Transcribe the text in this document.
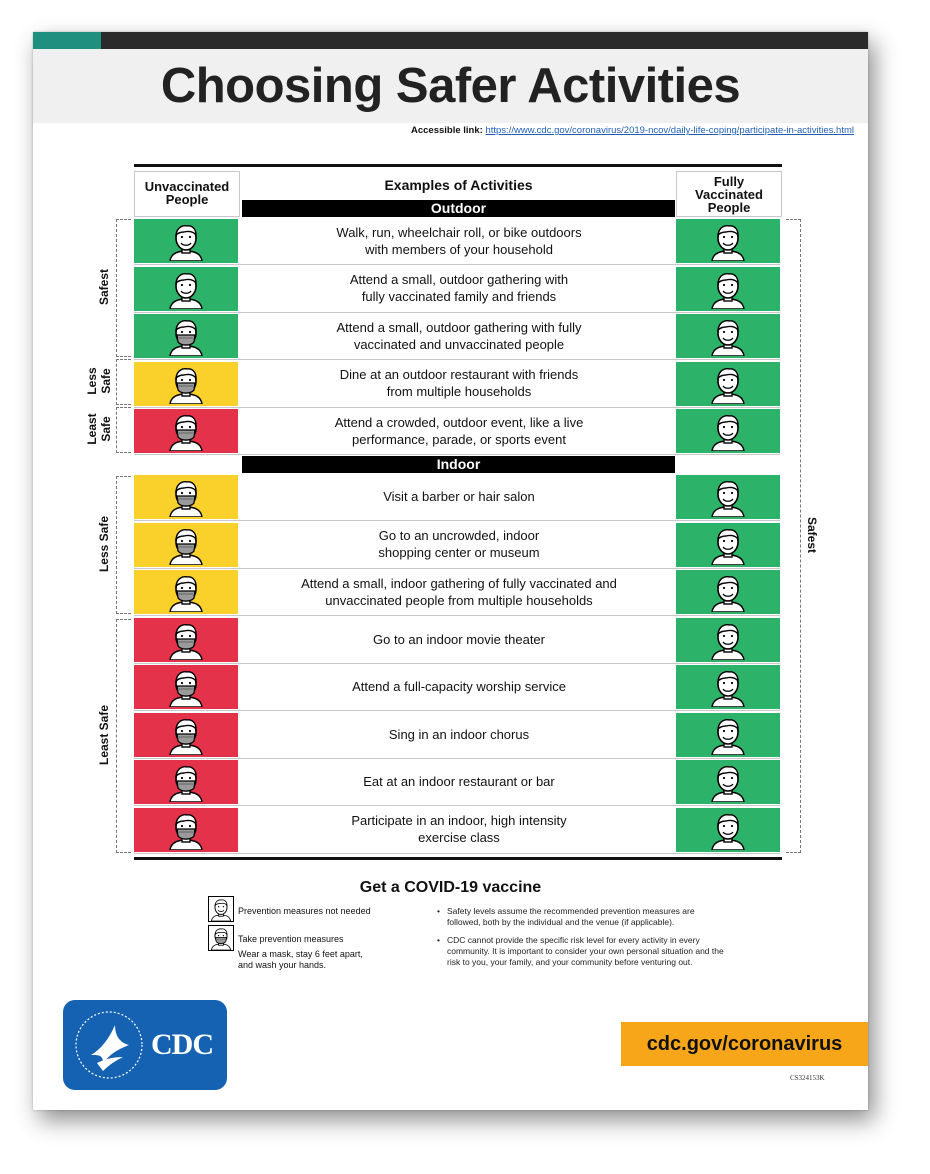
Choosing Safer Activities
Accessible link: https://www.cdc.gov/coronavirus/2019-ncov/daily-life-coping/participate-in-activities.html
Unvaccinated
People
Examples of Activities	Fully
Vaccinated
People
Outdoor
Walk, run, wheelchair roll, or bike outdoors
with members of your household
Attend a small, outdoor gathering with
fully vaccinated family and friends
Attend a small, outdoor gathering with fully
vaccinated and unvaccinated people
Dine at an outdoor restaurant with friends
from multiple households
Attend a crowded, outdoor event, like a live
performance, parade, or sports event
Indoor
Visit a barber or hair salon
Go to an uncrowded, indoor
shopping center or museum
Attend a small, indoor gathering of fully vaccinated and
unvaccinated people from multiple households
Go to an indoor movie theater
Attend a full-capacity worship service
Sing in an indoor chorus
Eat at an indoor restaurant or bar
Participate in an indoor, high intensity
exercise class
Safest
Less Safe
Least Safe
Less Safe
Least Safe
Safest
Get a COVID-19 vaccine
Prevention measures not needed
Take prevention measures
Wear a mask, stay 6 feet apart,
and wash your hands.

• Safety levels assume the recommended prevention measures are followed, both by the individual and the venue (if applicable).

• CDC cannot provide the specific risk level for every activity in every community. It is important to consider your own personal situation and the risk to you, your family, and your community before venturing out.

CDC	cdc.gov/coronavirus
CS324153K
